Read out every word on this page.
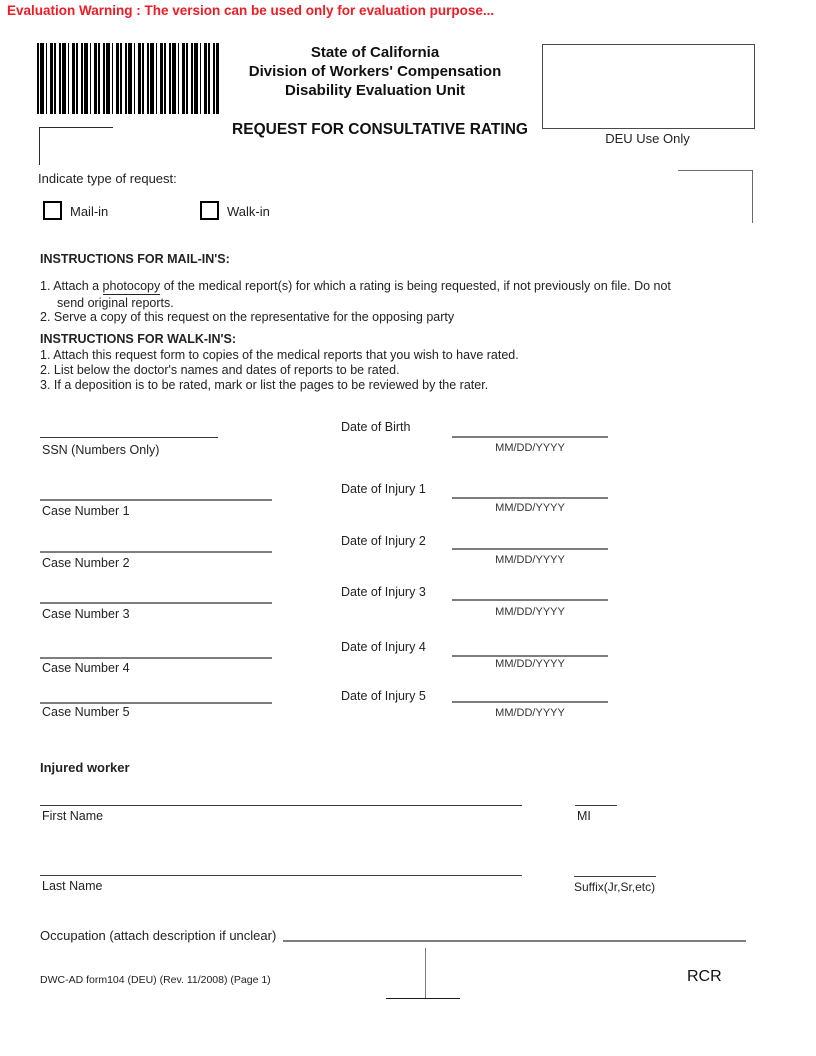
Evaluation Warning : The version can be used only for evaluation purpose...
State of California
Division of Workers' Compensation
Disability Evaluation Unit
REQUEST FOR CONSULTATIVE RATING
DEU Use Only
Indicate type of request:
Mail-in	Walk-in
INSTRUCTIONS FOR MAIL-IN'S:
1. Attach a photocopy of the medical report(s) for which a rating is being requested, if not previously on file. Do not
send original reports.
2. Serve a copy of this request on the representative for the opposing party
INSTRUCTIONS FOR WALK-IN'S:
1. Attach this request form to copies of the medical reports that you wish to have rated.
2. List below the doctor's names and dates of reports to be rated.
3. If a deposition is to be rated, mark or list the pages to be reviewed by the rater.
SSN (Numbers Only)
Date of Birth
MM/DD/YYYY
Case Number 1
Date of Injury 1
MM/DD/YYYY
Case Number 2
Date of Injury 2
MM/DD/YYYY
Case Number 3
Date of Injury 3
MM/DD/YYYY
Case Number 4
Date of Injury 4
MM/DD/YYYY
Case Number 5
Date of Injury 5
MM/DD/YYYY
Injured worker
First Name	MI
Last Name	Suffix(Jr,Sr,etc)
Occupation (attach description if unclear)
DWC-AD form104 (DEU) (Rev. 11/2008) (Page 1)	RCR
